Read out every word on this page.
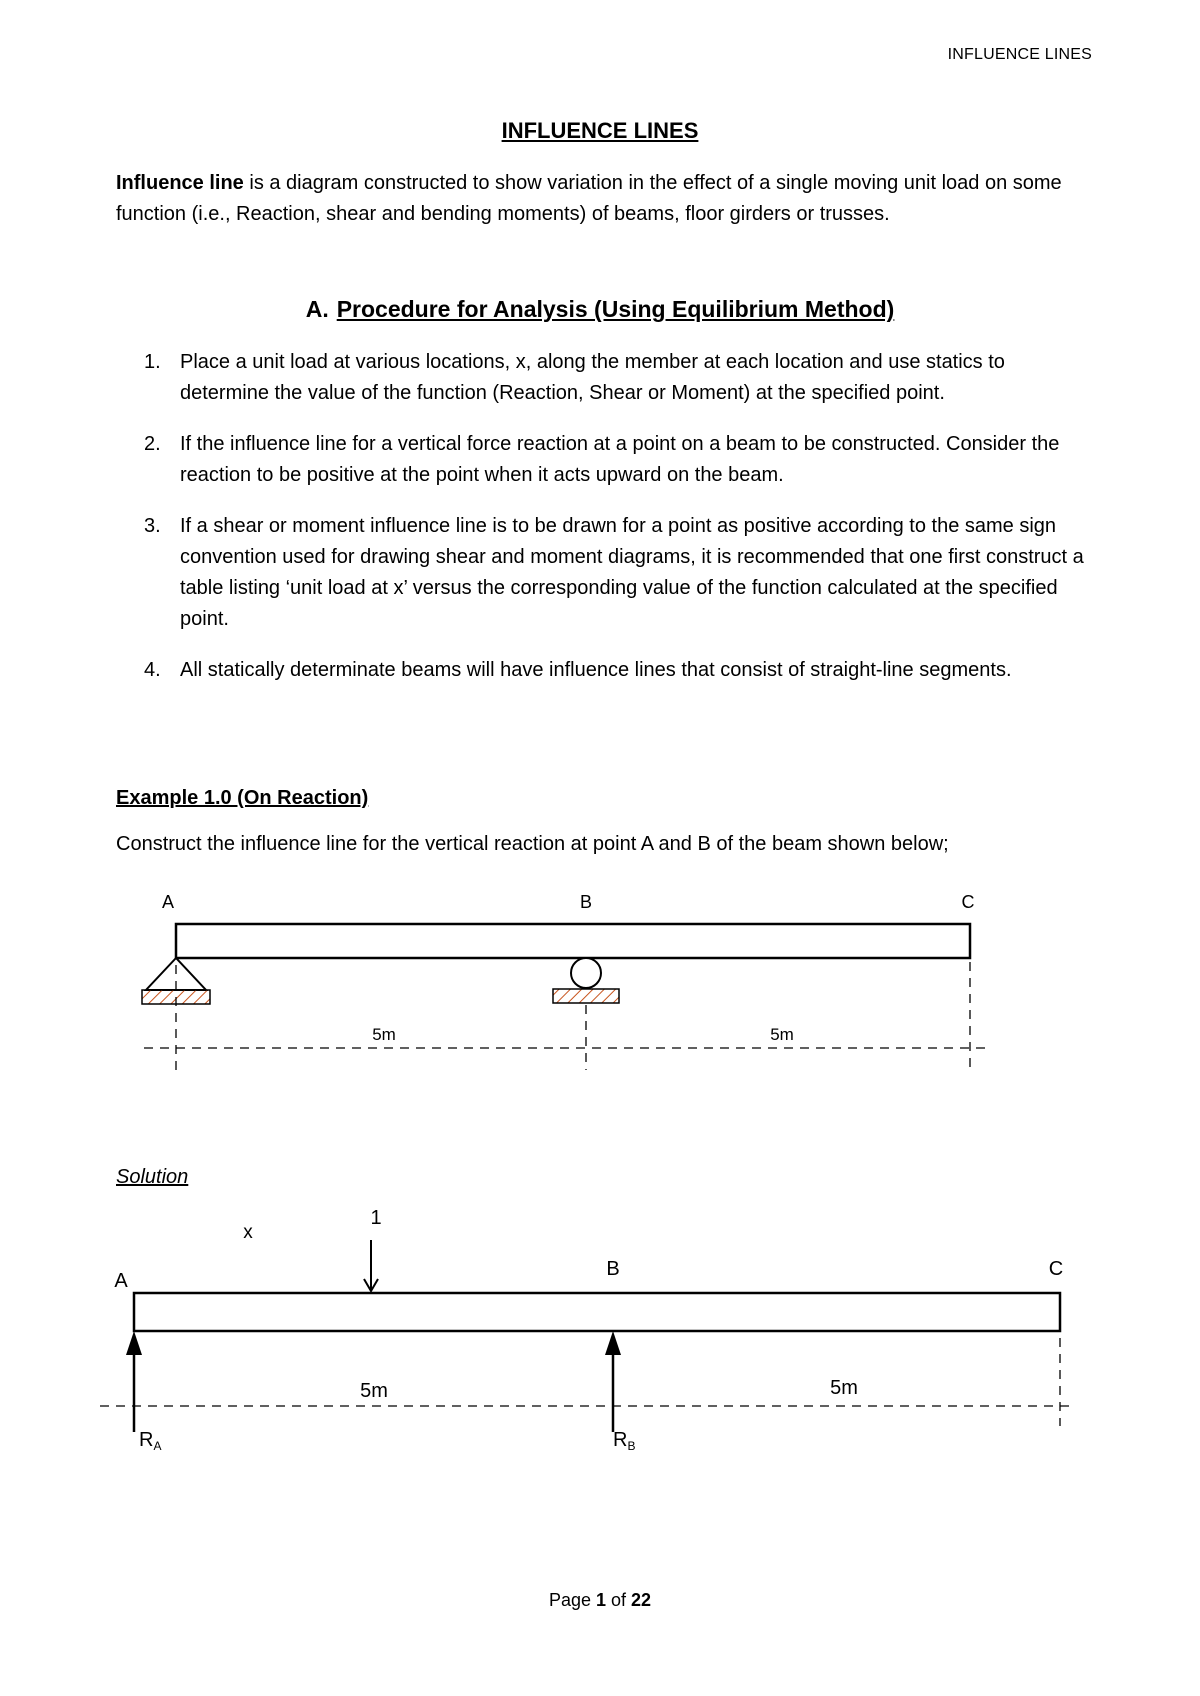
INFLUENCE LINES
INFLUENCE LINES

Influence line is a diagram constructed to show variation in the effect of a single moving unit load on some function (i.e., Reaction, shear and bending moments) of beams, floor girders or trusses.

A. Procedure for Analysis (Using Equilibrium Method)
1. Place a unit load at various locations, x, along the member at each location and use statics to determine the value of the function (Reaction, Shear or Moment) at the specified point.
2. If the influence line for a vertical force reaction at a point on a beam to be constructed. Consider the reaction to be positive at the point when it acts upward on the beam.
3. If a shear or moment influence line is to be drawn for a point as positive according to the same sign convention used for drawing shear and moment diagrams, it is recommended that one first construct a table listing ‘unit load at x’ versus the corresponding value of the function calculated at the specified point.
4. All statically determinate beams will have influence lines that consist of straight-line segments.
Example 1.0 (On Reaction)
Construct the influence line for the vertical reaction at point A and B of the beam shown below;
A	B	C
5m	5m
Solution
x
1
A
B	C
5m	5m
$R_A$	$R_B$
Page 1 of 22
